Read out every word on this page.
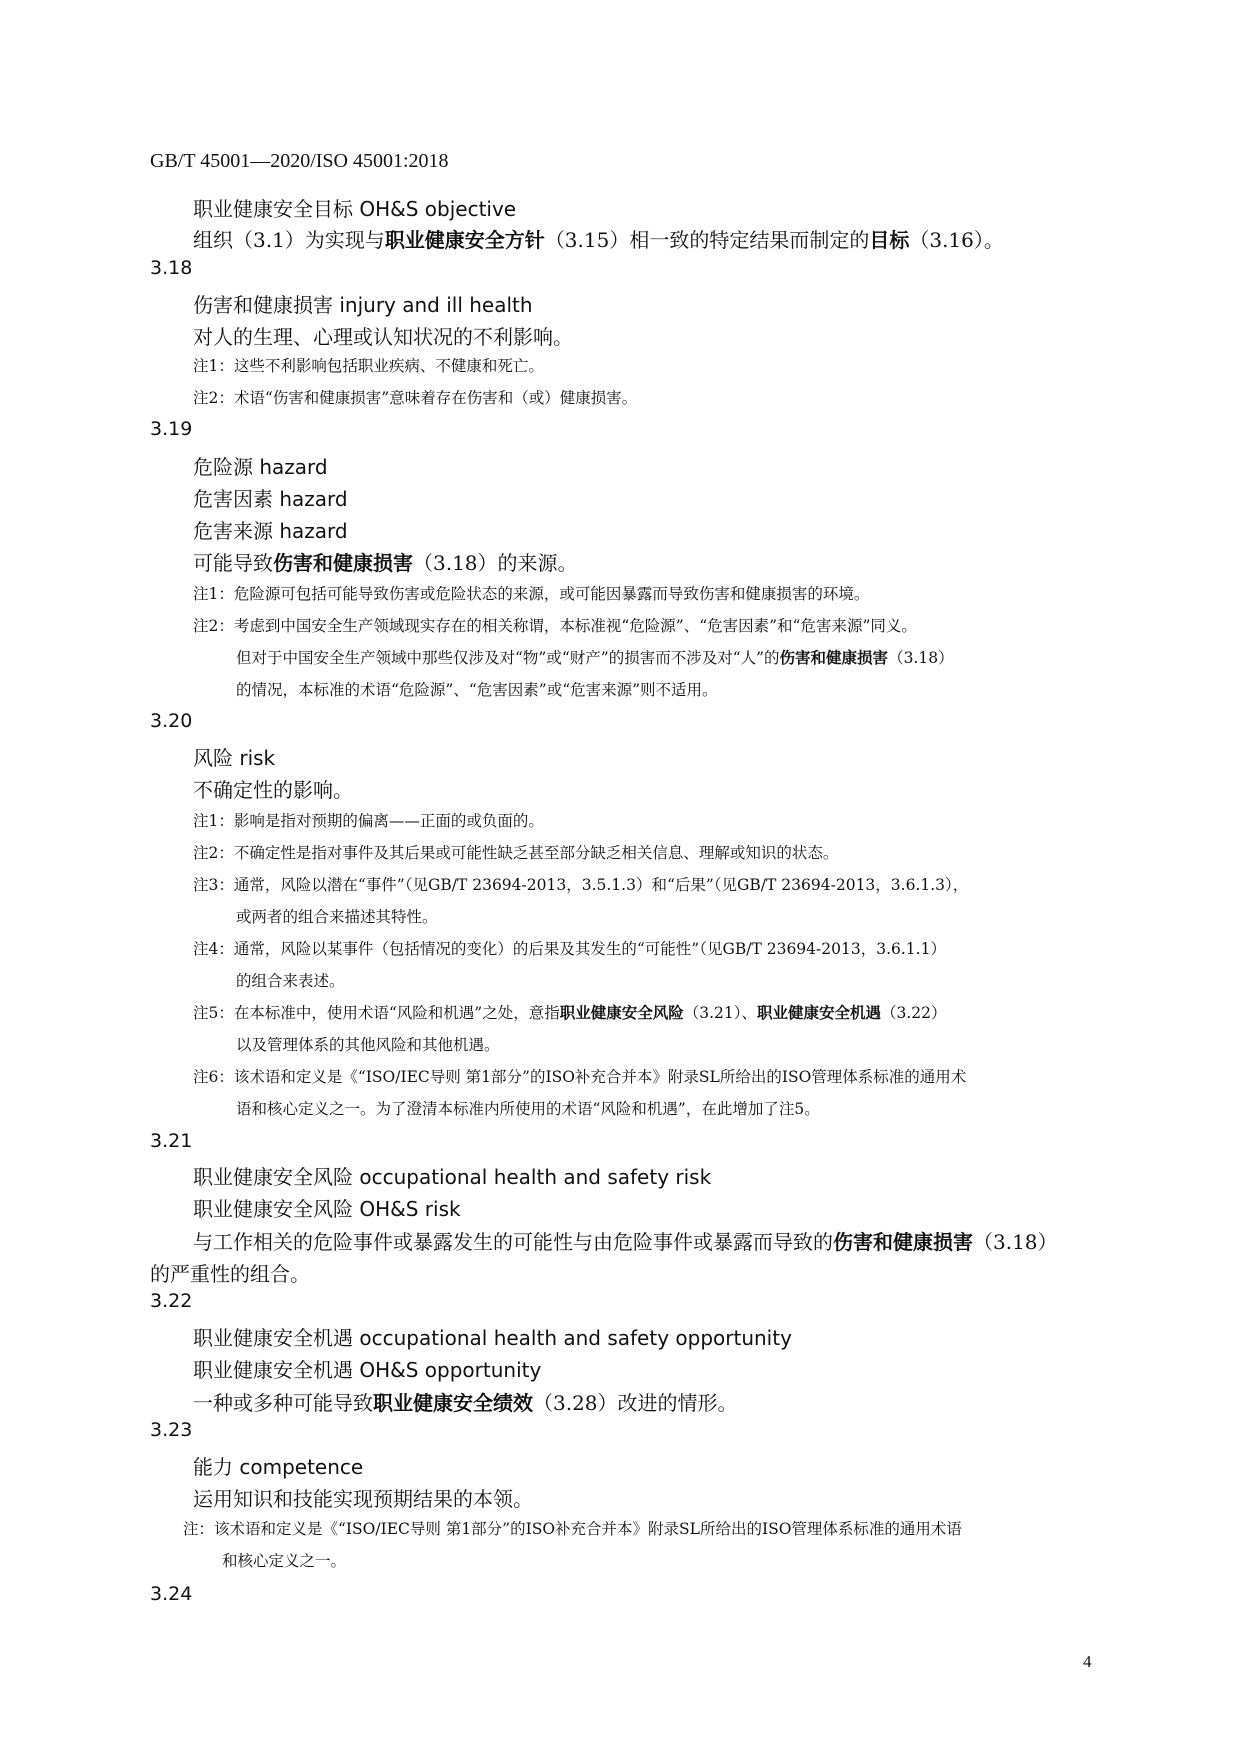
GB/T 45001—2020/ISO 45001:2018
职业健康安全目标 OH&S objective
组织（3.1）为实现与职业健康安全方针（3.15）相一致的特定结果而制定的目标（3.16）。
3.18
伤害和健康损害 injury and ill health
对人的生理、心理或认知状况的不利影响。
注1：这些不利影响包括职业疾病、不健康和死亡。
注2：术语“伤害和健康损害”意味着存在伤害和（或）健康损害。
3.19
危险源 hazard
危害因素 hazard
危害来源 hazard
可能导致伤害和健康损害（3.18）的来源。
注1：危险源可包括可能导致伤害或危险状态的来源，或可能因暴露而导致伤害和健康损害的环境。
注2：考虑到中国安全生产领域现实存在的相关称谓，本标准视“危险源”、“危害因素”和“危害来源”同义。
但对于中国安全生产领域中那些仅涉及对“物”或“财产”的损害而不涉及对“人”的伤害和健康损害（3.18）
的情况，本标准的术语“危险源”、“危害因素”或“危害来源”则不适用。
3.20
风险 risk
不确定性的影响。
注1：影响是指对预期的偏离——正面的或负面的。
注2：不确定性是指对事件及其后果或可能性缺乏甚至部分缺乏相关信息、理解或知识的状态。
注3：通常，风险以潜在“事件”（见GB/T 23694-2013，3.5.1.3）和“后果”（见GB/T 23694-2013，3.6.1.3），
或两者的组合来描述其特性。
注4：通常，风险以某事件（包括情况的变化）的后果及其发生的“可能性”（见GB/T 23694-2013，3.6.1.1）
的组合来表述。
注5：在本标准中，使用术语“风险和机遇”之处，意指职业健康安全风险（3.21）、职业健康安全机遇（3.22）
以及管理体系的其他风险和其他机遇。
注6：该术语和定义是《“ISO/IEC导则 第1部分”的ISO补充合并本》附录SL所给出的ISO管理体系标准的通用术
语和核心定义之一。为了澄清本标准内所使用的术语“风险和机遇”，在此增加了注5。
3.21
职业健康安全风险 occupational health and safety risk
职业健康安全风险 OH&S risk
与工作相关的危险事件或暴露发生的可能性与由危险事件或暴露而导致的伤害和健康损害（3.18）
的严重性的组合。
3.22
职业健康安全机遇 occupational health and safety opportunity
职业健康安全机遇 OH&S opportunity
一种或多种可能导致职业健康安全绩效（3.28）改进的情形。
3.23
能力 competence
运用知识和技能实现预期结果的本领。
注：该术语和定义是《“ISO/IEC导则 第1部分”的ISO补充合并本》附录SL所给出的ISO管理体系标准的通用术语
和核心定义之一。
3.24
4
